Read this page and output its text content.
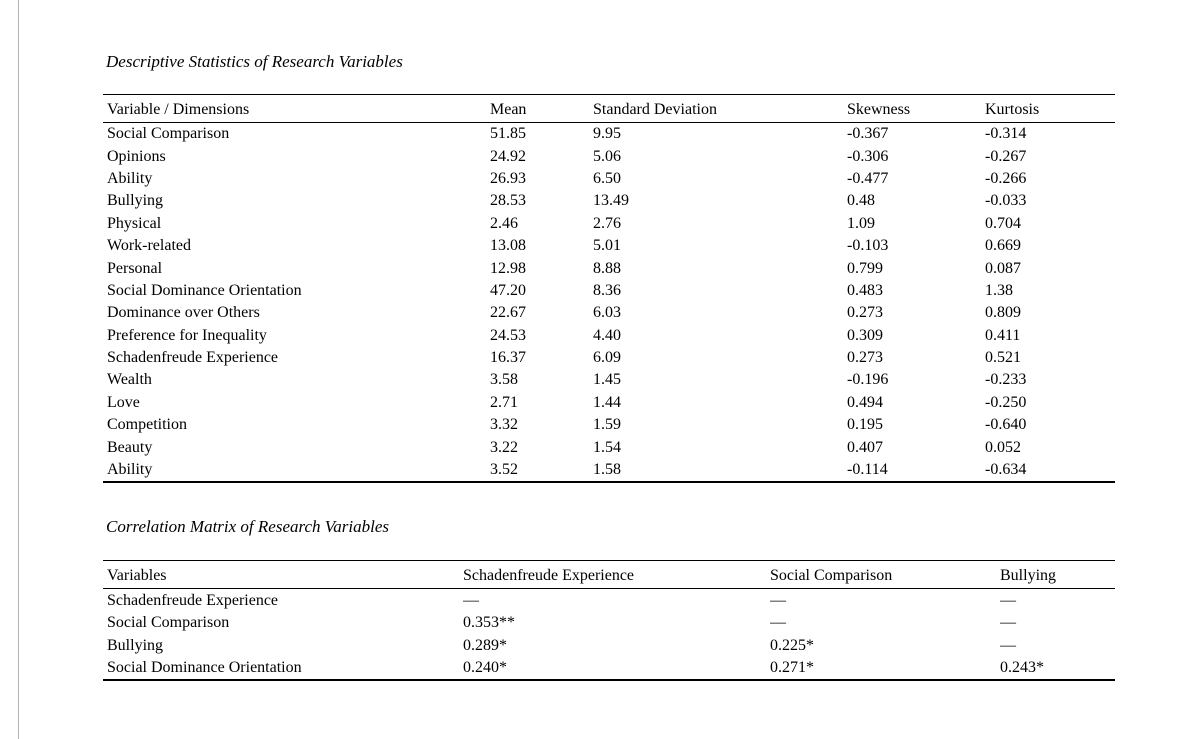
Descriptive Statistics of Research Variables

Variable / Dimensions	Mean	Standard Deviation	Skewness	Kurtosis
Social Comparison	51.85	9.95	-0.367	-0.314
Opinions	24.92	5.06	-0.306	-0.267
Ability	26.93	6.50	-0.477	-0.266
Bullying	28.53	13.49	0.48	-0.033
Physical	2.46	2.76	1.09	0.704
Work-related	13.08	5.01	-0.103	0.669
Personal	12.98	8.88	0.799	0.087
Social Dominance Orientation	47.20	8.36	0.483	1.38
Dominance over Others	22.67	6.03	0.273	0.809
Preference for Inequality	24.53	4.40	0.309	0.411
Schadenfreude Experience	16.37	6.09	0.273	0.521
Wealth	3.58	1.45	-0.196	-0.233
Love	2.71	1.44	0.494	-0.250
Competition	3.32	1.59	0.195	-0.640
Beauty	3.22	1.54	0.407	0.052
Ability	3.52	1.58	-0.114	-0.634

Correlation Matrix of Research Variables

Variables	Schadenfreude Experience	Social Comparison	Bullying
Schadenfreude Experience	—	—	—
Social Comparison	0.353**	—	—
Bullying	0.289*	0.225*	—
Social Dominance Orientation	0.240*	0.271*	0.243*
